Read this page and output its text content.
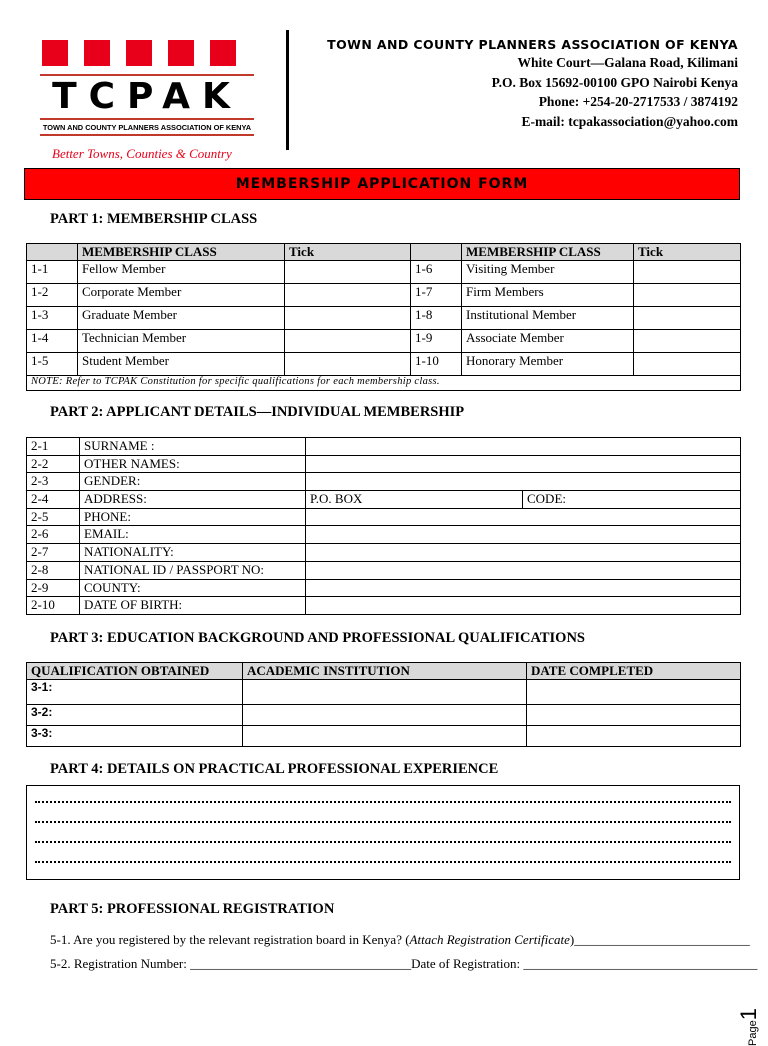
TCPAK
TOWN AND COUNTY PLANNERS ASSOCIATION OF KENYA
Better Towns, Counties & Country
TOWN AND COUNTY PLANNERS ASSOCIATION OF KENYA
White Court—Galana Road, Kilimani
P.O. Box 15692-00100 GPO Nairobi Kenya
Phone: +254-20-2717533 / 3874192
E-mail: tcpakassociation@yahoo.com
MEMBERSHIP APPLICATION FORM
PART 1: MEMBERSHIP CLASS
	MEMBERSHIP CLASS	Tick		MEMBERSHIP CLASS	Tick
1-1	Fellow Member		1-6	Visiting Member	
1-2	Corporate Member		1-7	Firm Members	
1-3	Graduate Member		1-8	Institutional Member	
1-4	Technician Member		1-9	Associate Member	
1-5	Student Member		1-10	Honorary Member	
NOTE: Refer to TCPAK Constitution for specific qualifications for each membership class.					
PART 2: APPLICANT DETAILS—INDIVIDUAL MEMBERSHIP
2-1	SURNAME :		
2-2	OTHER NAMES:		
2-3	GENDER:		
2-4	ADDRESS:	P.O. BOX	CODE:
2-5	PHONE:		
2-6	EMAIL:		
2-7	NATIONALITY:		
2-8	NATIONAL ID / PASSPORT NO:		
2-9	COUNTY:		
2-10	DATE OF BIRTH:		
PART 3: EDUCATION BACKGROUND AND PROFESSIONAL QUALIFICATIONS
QUALIFICATION OBTAINED	ACADEMIC INSTITUTION	DATE COMPLETED
3-1:		
3-2:		
3-3:		
PART 4: DETAILS ON PRACTICAL PROFESSIONAL EXPERIENCE
PART 5: PROFESSIONAL REGISTRATION
5-1. Are you registered by the relevant registration board in Kenya? (Attach Registration Certificate)___________________________
5-2. Registration Number: __________________________________Date of Registration: ____________________________________
Page1
